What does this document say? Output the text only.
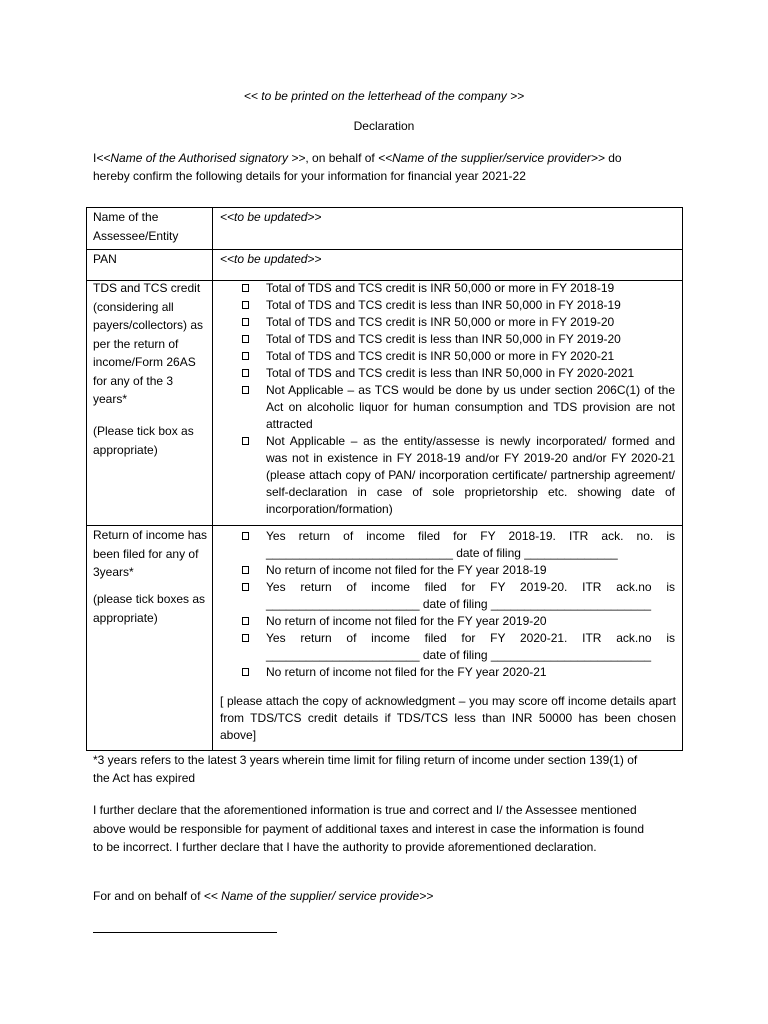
<< to be printed on the letterhead of the company >>
Declaration
I<<Name of the Authorised signatory >>, on behalf of <<Name of the supplier/service provider>> do
hereby confirm the following details for your information for financial year 2021-22
Name of the Assessee/Entity
<<to be updated>>
PAN	<<to be updated>>
TDS and TCS credit (considering all payers/collectors) as per the return of income/Form 26AS for any of the 3 years*
(Please tick box as appropriate)
Total of TDS and TCS credit is INR 50,000 or more in FY 2018-19
Total of TDS and TCS credit is less than INR 50,000 in FY 2018-19
Total of TDS and TCS credit is INR 50,000 or more in FY 2019-20
Total of TDS and TCS credit is less than INR 50,000 in FY 2019-20
Total of TDS and TCS credit is INR 50,000 or more in FY 2020-21
Total of TDS and TCS credit is less than INR 50,000 in FY 2020-2021
Not Applicable – as TCS would be done by us under section 206C(1) of the Act on alcoholic liquor for human consumption and TDS provision are not attracted
Not Applicable – as the entity/assesse is newly incorporated/ formed and was not in existence in FY 2018-19 and/or FY 2019-20 and/or FY 2020-21 (please attach copy of PAN/ incorporation certificate/ partnership agreement/ self-declaration in case of sole proprietorship etc. showing date of incorporation/formation)
Return of income has been filed for any of 3years*
(please tick boxes as appropriate)
Yes return of income filed for FY 2018-19. ITR ack. no. is ____________________________ date of filing ______________
No return of income not filed for the FY year 2018-19
Yes return of income filed for FY 2019-20. ITR ack.no is _______________________ date of filing ________________________
No return of income not filed for the FY year 2019-20
Yes return of income filed for FY 2020-21. ITR ack.no is _______________________ date of filing ________________________
No return of income not filed for the FY year 2020-21
[ please attach the copy of acknowledgment – you may score off income details apart from TDS/TCS credit details if TDS/TCS less than INR 50000 has been chosen above]
*3 years refers to the latest 3 years wherein time limit for filing return of income under section 139(1) of the Act has expired
I further declare that the aforementioned information is true and correct and I/ the Assessee mentioned above would be responsible for payment of additional taxes and interest in case the information is found to be incorrect. I further declare that I have the authority to provide aforementioned declaration.
For and on behalf of << Name of the supplier/ service provide>>
